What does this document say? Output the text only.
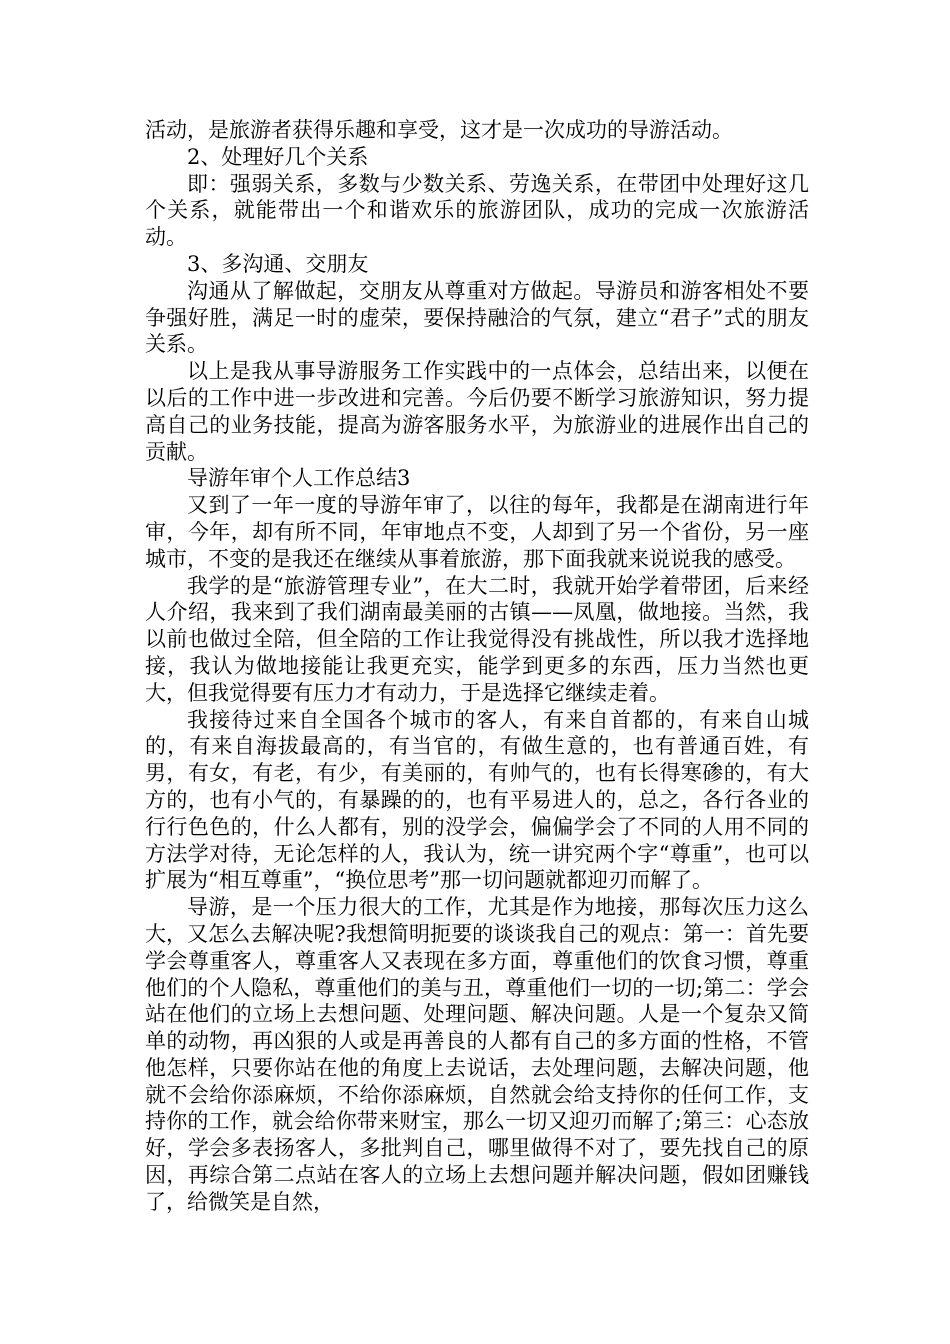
活动，是旅游者获得乐趣和享受，这才是一次成功的导游活动。

2、处理好几个关系

即：强弱关系，多数与少数关系、劳逸关系，在带团中处理好这几个关系，就能带出一个和谐欢乐的旅游团队，成功的完成一次旅游活动。

3、多沟通、交朋友

沟通从了解做起，交朋友从尊重对方做起。导游员和游客相处不要争强好胜，满足一时的虚荣，要保持融洽的气氛，建立“君子”式的朋友关系。

以上是我从事导游服务工作实践中的一点体会，总结出来，以便在以后的工作中进一步改进和完善。今后仍要不断学习旅游知识，努力提高自己的业务技能，提高为游客服务水平，为旅游业的进展作出自己的贡献。

导游年审个人工作总结3

又到了一年一度的导游年审了，以往的每年，我都是在湖南进行年审，今年，却有所不同，年审地点不变，人却到了另一个省份，另一座城市，不变的是我还在继续从事着旅游，那下面我就来说说我的感受。

我学的是“旅游管理专业”，在大二时，我就开始学着带团，后来经人介绍，我来到了我们湖南最美丽的古镇——凤凰，做地接。当然，我以前也做过全陪，但全陪的工作让我觉得没有挑战性，所以我才选择地接，我认为做地接能让我更充实，能学到更多的东西，压力当然也更大，但我觉得要有压力才有动力，于是选择它继续走着。

我接待过来自全国各个城市的客人，有来自首都的，有来自山城的，有来自海拔最高的，有当官的，有做生意的，也有普通百姓，有男，有女，有老，有少，有美丽的，有帅气的，也有长得寒碜的，有大方的，也有小气的，有暴躁的的，也有平易进人的，总之，各行各业的行行色色的，什么人都有，别的没学会，偏偏学会了不同的人用不同的方法学对待，无论怎样的人，我认为，统一讲究两个字“尊重”，也可以扩展为“相互尊重”，“换位思考”那一切问题就都迎刃而解了。

导游，是一个压力很大的工作，尤其是作为地接，那每次压力这么大，又怎么去解决呢?我想简明扼要的谈谈我自己的观点：第一：首先要学会尊重客人，尊重客人又表现在多方面，尊重他们的饮食习惯，尊重他们的个人隐私，尊重他们的美与丑，尊重他们一切的一切;第二：学会站在他们的立场上去想问题、处理问题、解决问题。人是一个复杂又简单的动物，再凶狠的人或是再善良的人都有自己的多方面的性格，不管他怎样，只要你站在他的角度上去说话，去处理问题，去解决问题，他就不会给你添麻烦，不给你添麻烦，自然就会给支持你的任何工作，支持你的工作，就会给你带来财宝，那么一切又迎刃而解了;第三：心态放好，学会多表扬客人，多批判自己，哪里做得不对了，要先找自己的原因，再综合第二点站在客人的立场上去想问题并解决问题，假如团赚钱了，给微笑是自然，
